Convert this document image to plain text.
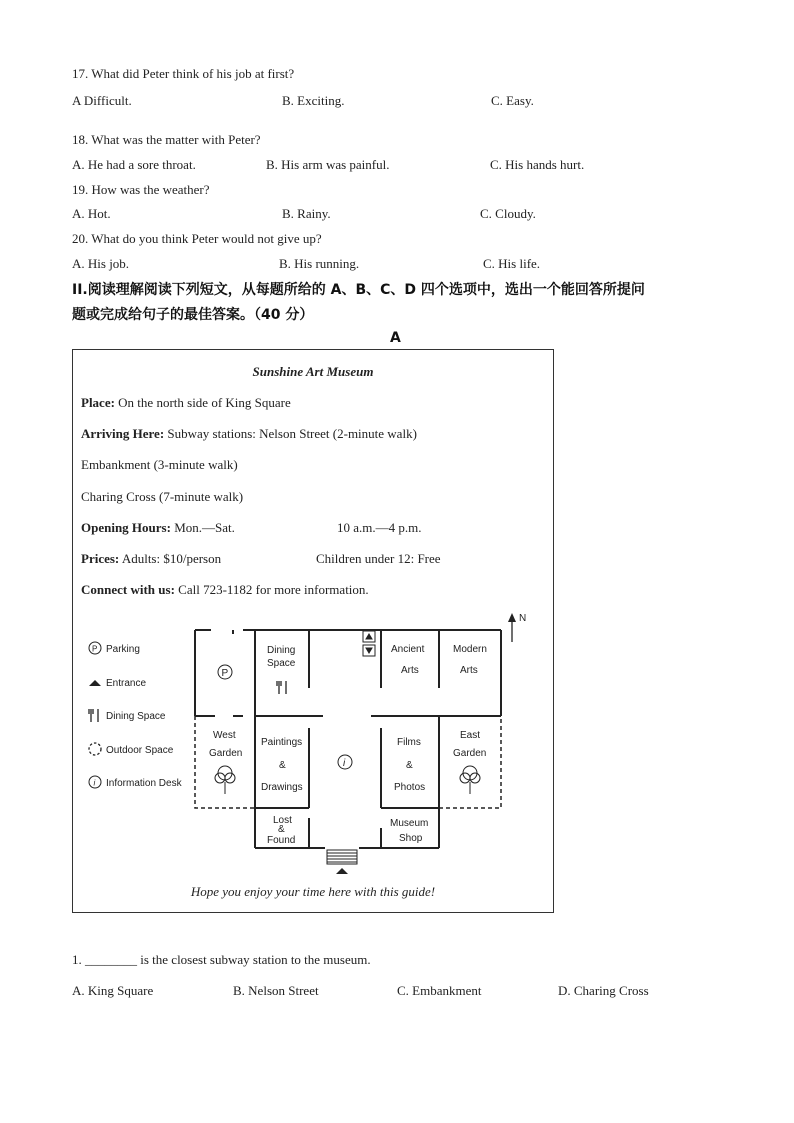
17. What did Peter think of his job at first?
A Difficult.	B. Exciting.	C. Easy.
18. What was the matter with Peter?
A. He had a sore throat.	B. His arm was painful.	C. His hands hurt.
19. How was the weather?
A. Hot.	B. Rainy.	C. Cloudy.
20. What do you think Peter would not give up?
A. His job.	B. His running.	C. His life.
II.阅读理解阅读下列短文，从每题所给的 A、B、C、D 四个选项中，选出一个能回答所提问
题或完成给句子的最佳答案。（40 分）
A
Sunshine Art Museum
Place: On the north side of King Square
Arriving Here: Subway stations: Nelson Street (2-minute walk)
Embankment (3-minute walk)
Charing Cross (7-minute walk)
Opening Hours: Mon.—Sat.	10 a.m.—4 p.m.
Prices: Adults: $10/person	Children under 12: Free
Connect with us: Call 723-1182 for more information.
P Parking
Entrance
Dining Space
Outdoor Space
i Information Desk
N
P
i
Dining
Space
Ancient
Arts
Modern
Arts
West
Garden
Paintings
&
Drawings
Films
&
Photos
East
Garden
Lost
&
Found
Museum
Shop
Hope you enjoy your time here with this guide!
1. ________ is the closest subway station to the museum.
A. King Square	B. Nelson Street	C. Embankment	D. Charing Cross
